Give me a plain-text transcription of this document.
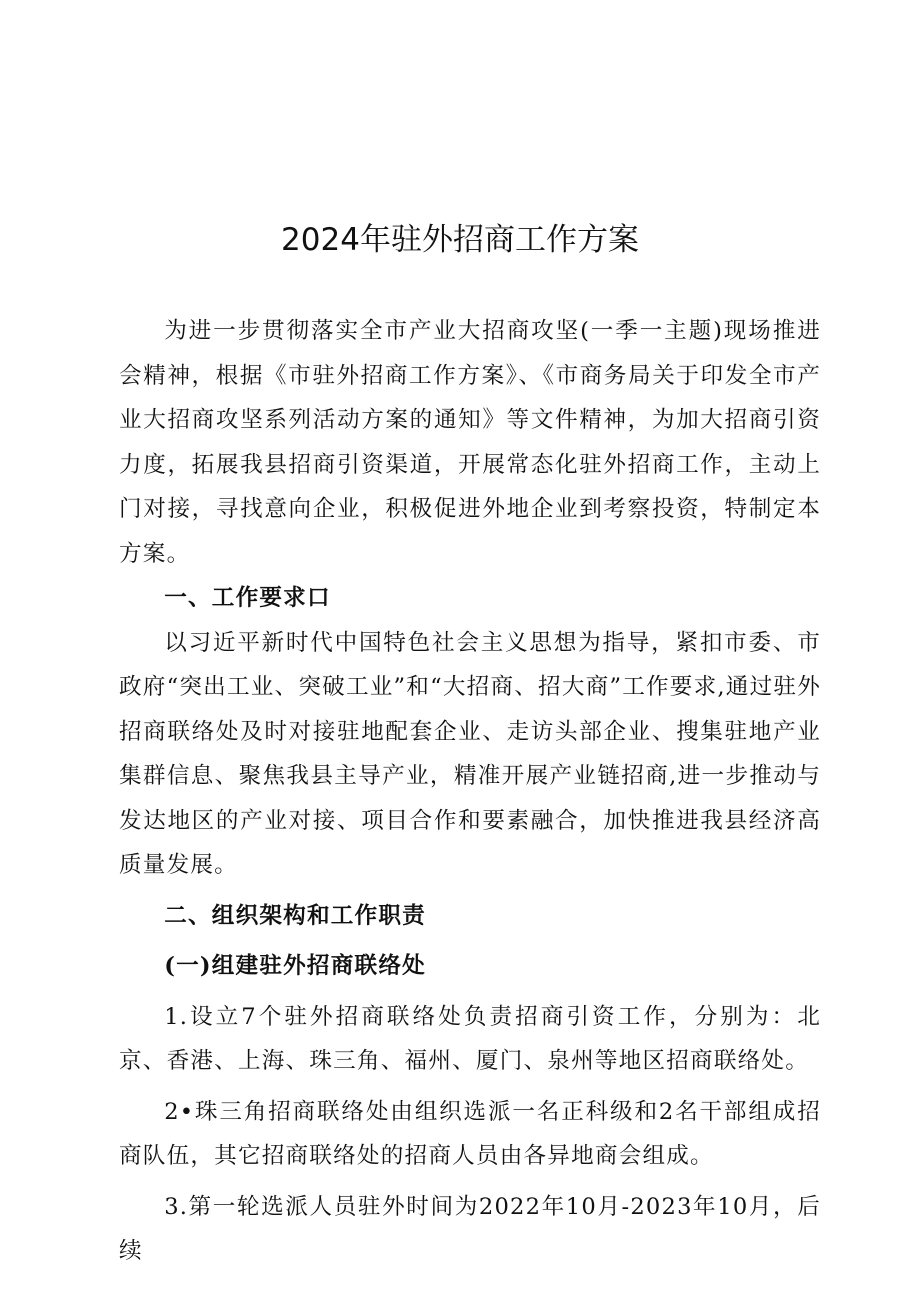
2024年驻外招商工作方案

为进一步贯彻落实全市产业大招商攻坚(一季一主题)现场推进会精神，根据《市驻外招商工作方案》、《市商务局关于印发全市产业大招商攻坚系列活动方案的通知》等文件精神，为加大招商引资力度，拓展我县招商引资渠道，开展常态化驻外招商工作，主动上门对接，寻找意向企业，积极促进外地企业到考察投资，特制定本方案。

一、工作要求口

以习近平新时代中国特色社会主义思想为指导，紧扣市委、市政府“突出工业、突破工业”和“大招商、招大商”工作要求,通过驻外招商联络处及时对接驻地配套企业、走访头部企业、搜集驻地产业集群信息、聚焦我县主导产业，精准开展产业链招商,进一步推动与发达地区的产业对接、项目合作和要素融合，加快推进我县经济高质量发展。

二、组织架构和工作职责

(一)组建驻外招商联络处

1.设立7个驻外招商联络处负责招商引资工作，分别为：北京、香港、上海、珠三角、福州、厦门、泉州等地区招商联络处。

2•珠三角招商联络处由组织选派一名正科级和2名干部组成招商队伍，其它招商联络处的招商人员由各异地商会组成。

3.第一轮选派人员驻外时间为2022年10月-2023年10月，后续
